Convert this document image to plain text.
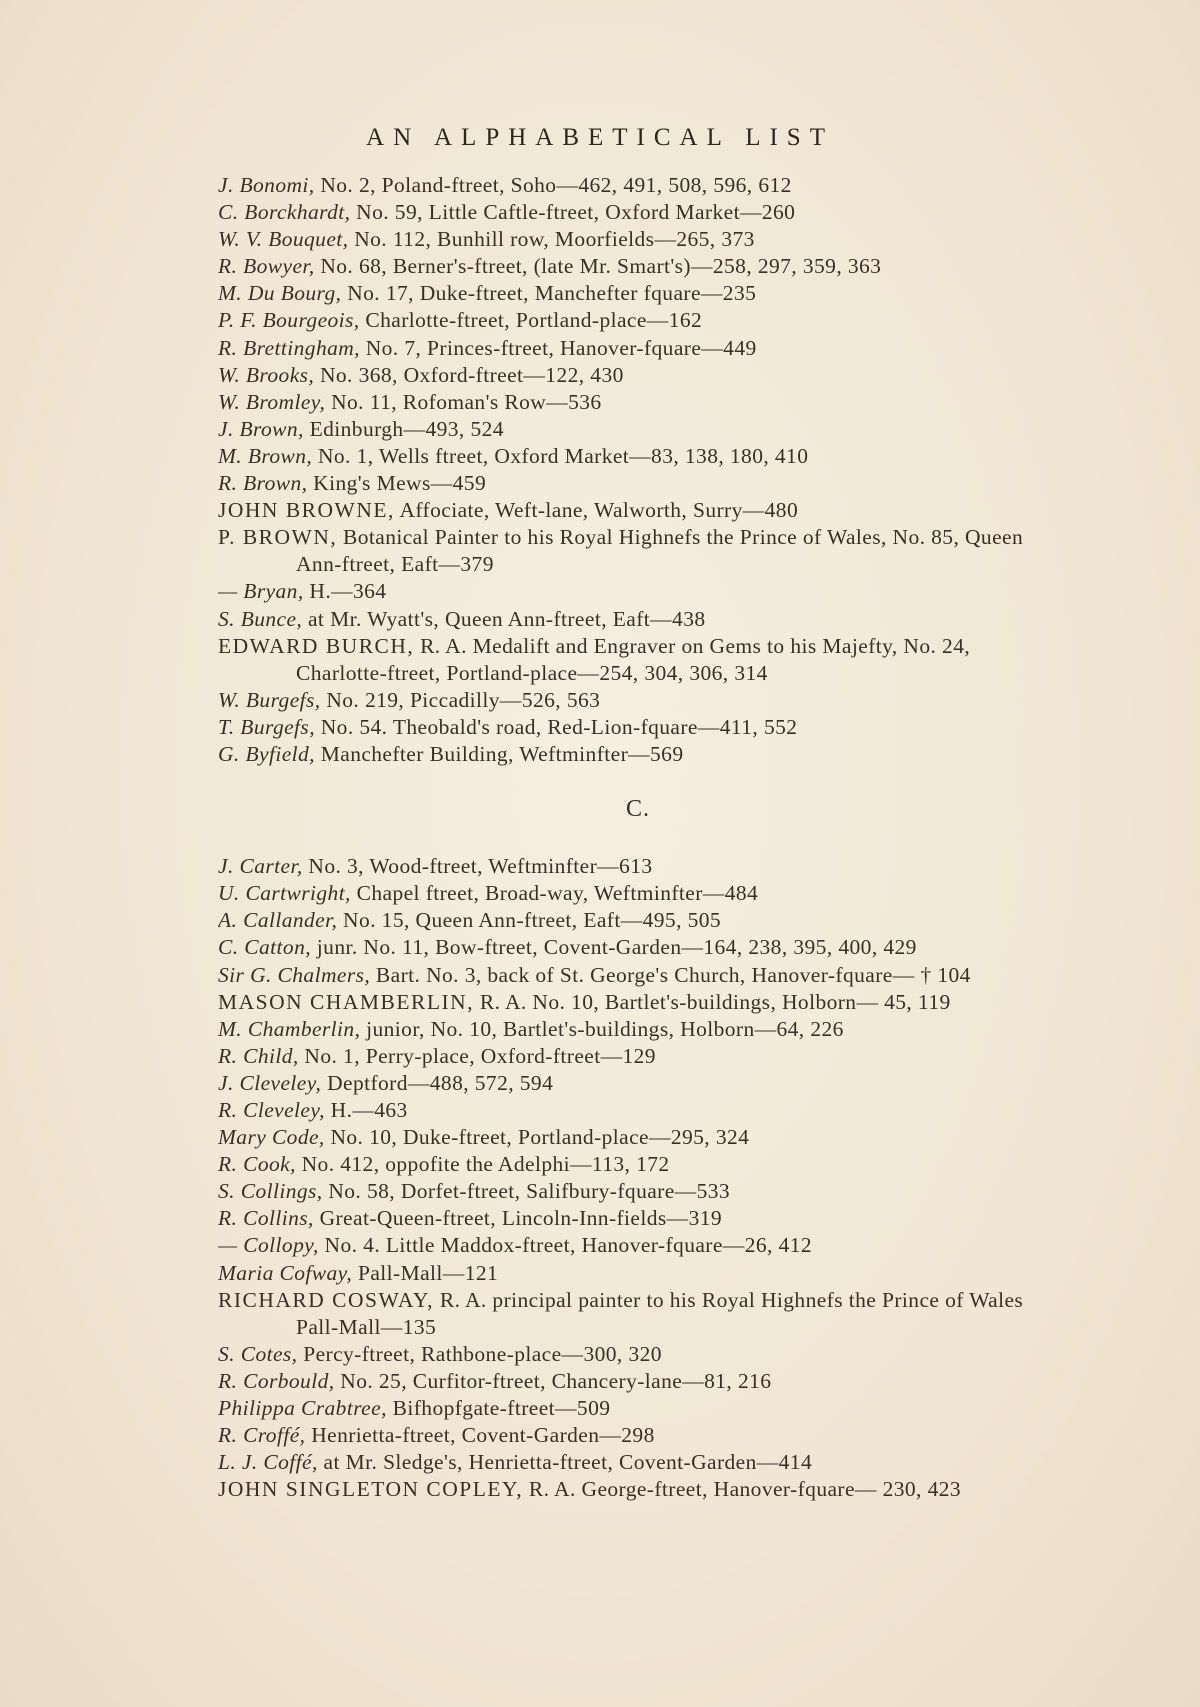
AN ALPHABETICAL LIST
J. Bonomi, No. 2, Poland-ftreet, Soho—462, 491, 508, 596, 612
C. Borckhardt, No. 59, Little Caftle-ftreet, Oxford Market—260
W. V. Bouquet, No. 112, Bunhill row, Moorfields—265, 373
R. Bowyer, No. 68, Berner's-ftreet, (late Mr. Smart's)—258, 297, 359, 363
M. Du Bourg, No. 17, Duke-ftreet, Manchefter fquare—235
P. F. Bourgeois, Charlotte-ftreet, Portland-place—162
R. Brettingham, No. 7, Princes-ftreet, Hanover-fquare—449
W. Brooks, No. 368, Oxford-ftreet—122, 430
W. Bromley, No. 11, Rofoman's Row—536
J. Brown, Edinburgh—493, 524
M. Brown, No. 1, Wells ftreet, Oxford Market—83, 138, 180, 410
R. Brown, King's Mews—459
JOHN BROWNE, Affociate, Weft-lane, Walworth, Surry—480
P. BROWN, Botanical Painter to his Royal Highnefs the Prince of Wales, No. 85, Queen Ann-ftreet, Eaft—379
— Bryan, H.—364
S. Bunce, at Mr. Wyatt's, Queen Ann-ftreet, Eaft—438
EDWARD BURCH, R. A. Medalift and Engraver on Gems to his Majefty, No. 24, Charlotte-ftreet, Portland-place—254, 304, 306, 314
W. Burgefs, No. 219, Piccadilly—526, 563
T. Burgefs, No. 54. Theobald's road, Red-Lion-fquare—411, 552
G. Byfield, Manchefter Building, Weftminfter—569
C.
J. Carter, No. 3, Wood-ftreet, Weftminfter—613
U. Cartwright, Chapel ftreet, Broad-way, Weftminfter—484
A. Callander, No. 15, Queen Ann-ftreet, Eaft—495, 505
C. Catton, junr. No. 11, Bow-ftreet, Covent-Garden—164, 238, 395, 400, 429
Sir G. Chalmers, Bart. No. 3, back of St. George's Church, Hanover-fquare— † 104
MASON CHAMBERLIN, R. A. No. 10, Bartlet's-buildings, Holborn— 45, 119
M. Chamberlin, junior, No. 10, Bartlet's-buildings, Holborn—64, 226
R. Child, No. 1, Perry-place, Oxford-ftreet—129
J. Cleveley, Deptford—488, 572, 594
R. Cleveley, H.—463
Mary Code, No. 10, Duke-ftreet, Portland-place—295, 324
R. Cook, No. 412, oppofite the Adelphi—113, 172
S. Collings, No. 58, Dorfet-ftreet, Salifbury-fquare—533
R. Collins, Great-Queen-ftreet, Lincoln-Inn-fields—319
— Collopy, No. 4. Little Maddox-ftreet, Hanover-fquare—26, 412
Maria Cofway, Pall-Mall—121
RICHARD COSWAY, R. A. principal painter to his Royal Highnefs the Prince of Wales Pall-Mall—135
S. Cotes, Percy-ftreet, Rathbone-place—300, 320
R. Corbould, No. 25, Curfitor-ftreet, Chancery-lane—81, 216
Philippa Crabtree, Bifhopfgate-ftreet—509
R. Croffé, Henrietta-ftreet, Covent-Garden—298
L. J. Coffé, at Mr. Sledge's, Henrietta-ftreet, Covent-Garden—414
JOHN SINGLETON COPLEY, R. A. George-ftreet, Hanover-fquare— 230, 423
